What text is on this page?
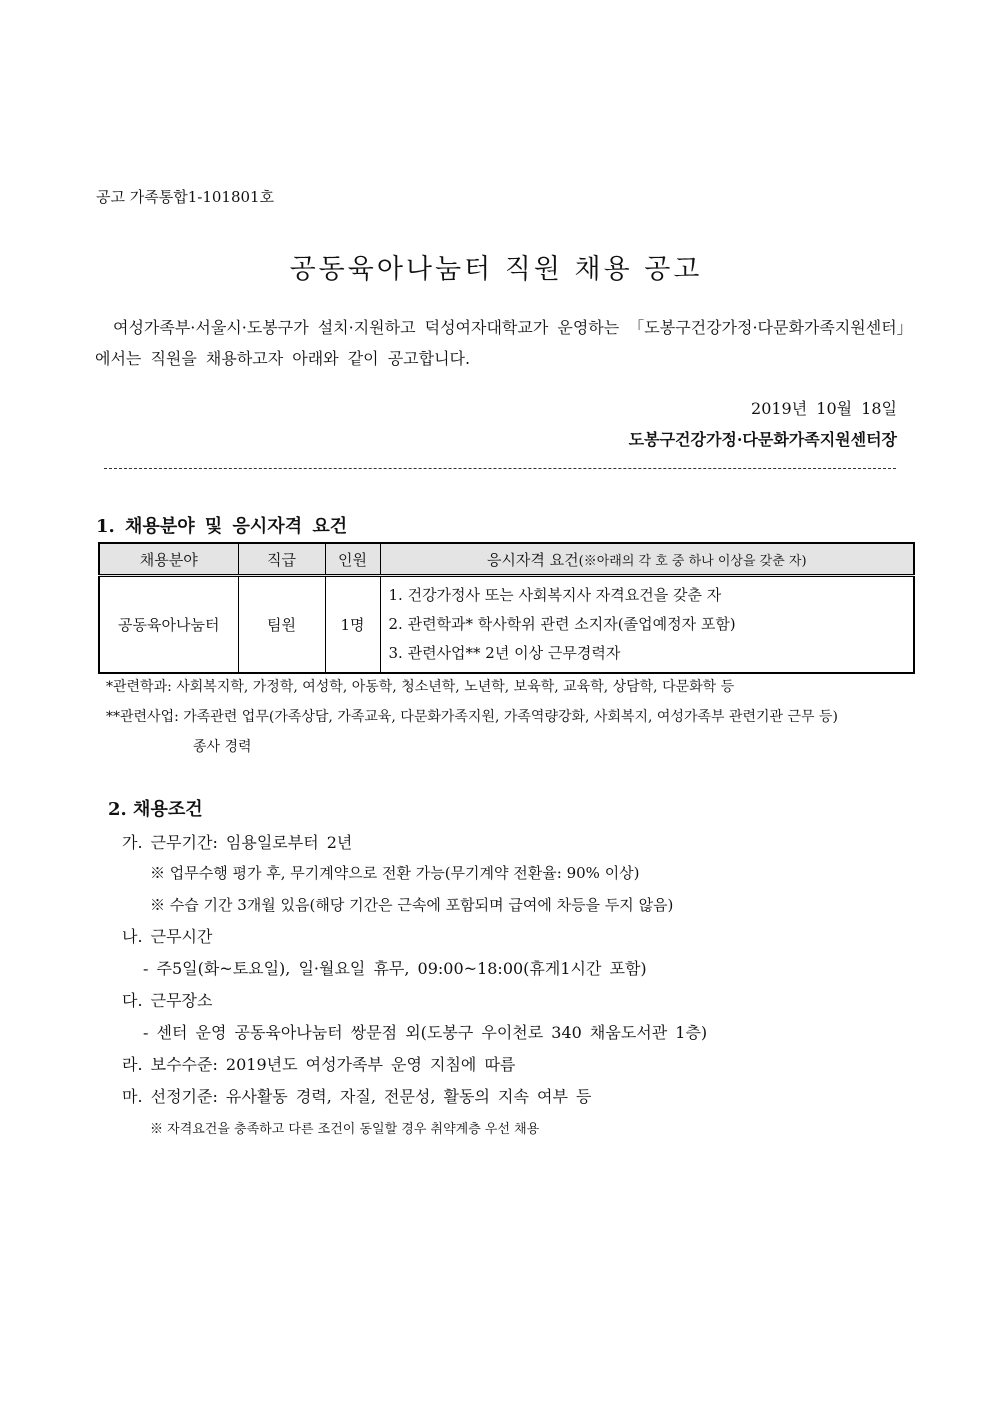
공고 가족통합1-101801호
공동육아나눔터 직원 채용 공고
여성가족부·서울시·도봉구가 설치·지원하고 덕성여자대학교가 운영하는 「도봉구건강가정·다문화가족지원센터」에서는 직원을 채용하고자 아래와 같이 공고합니다.
2019년 10월 18일
도봉구건강가정·다문화가족지원센터장
1. 채용분야 및 응시자격 요건
채용분야	직급	인원	응시자격 요건(※아래의 각 호 중 하나 이상을 갖춘 자)
공동육아나눔터	팀원	1명	1. 건강가정사 또는 사회복지사 자격요건을 갖춘 자
2. 관련학과* 학사학위 관련 소지자(졸업예정자 포함)
3. 관련사업** 2년 이상 근무경력자
*관련학과: 사회복지학, 가정학, 여성학, 아동학, 청소년학, 노년학, 보육학, 교육학, 상담학, 다문화학 등
**관련사업: 가족관련 업무(가족상담, 가족교육, 다문화가족지원, 가족역량강화, 사회복지, 여성가족부 관련기관 근무 등)
종사 경력
2. 채용조건
가. 근무기간: 임용일로부터 2년
※ 업무수행 평가 후, 무기계약으로 전환 가능(무기계약 전환율: 90% 이상)
※ 수습 기간 3개월 있음(해당 기간은 근속에 포함되며 급여에 차등을 두지 않음)
나. 근무시간
- 주5일(화~토요일), 일·월요일 휴무, 09:00~18:00(휴게1시간 포함)
다. 근무장소
- 센터 운영 공동육아나눔터 쌍문점 외(도봉구 우이천로 340 채움도서관 1층)
라. 보수수준: 2019년도 여성가족부 운영 지침에 따름
마. 선정기준: 유사활동 경력, 자질, 전문성, 활동의 지속 여부 등
※ 자격요건을 충족하고 다른 조건이 동일할 경우 취약계층 우선 채용
